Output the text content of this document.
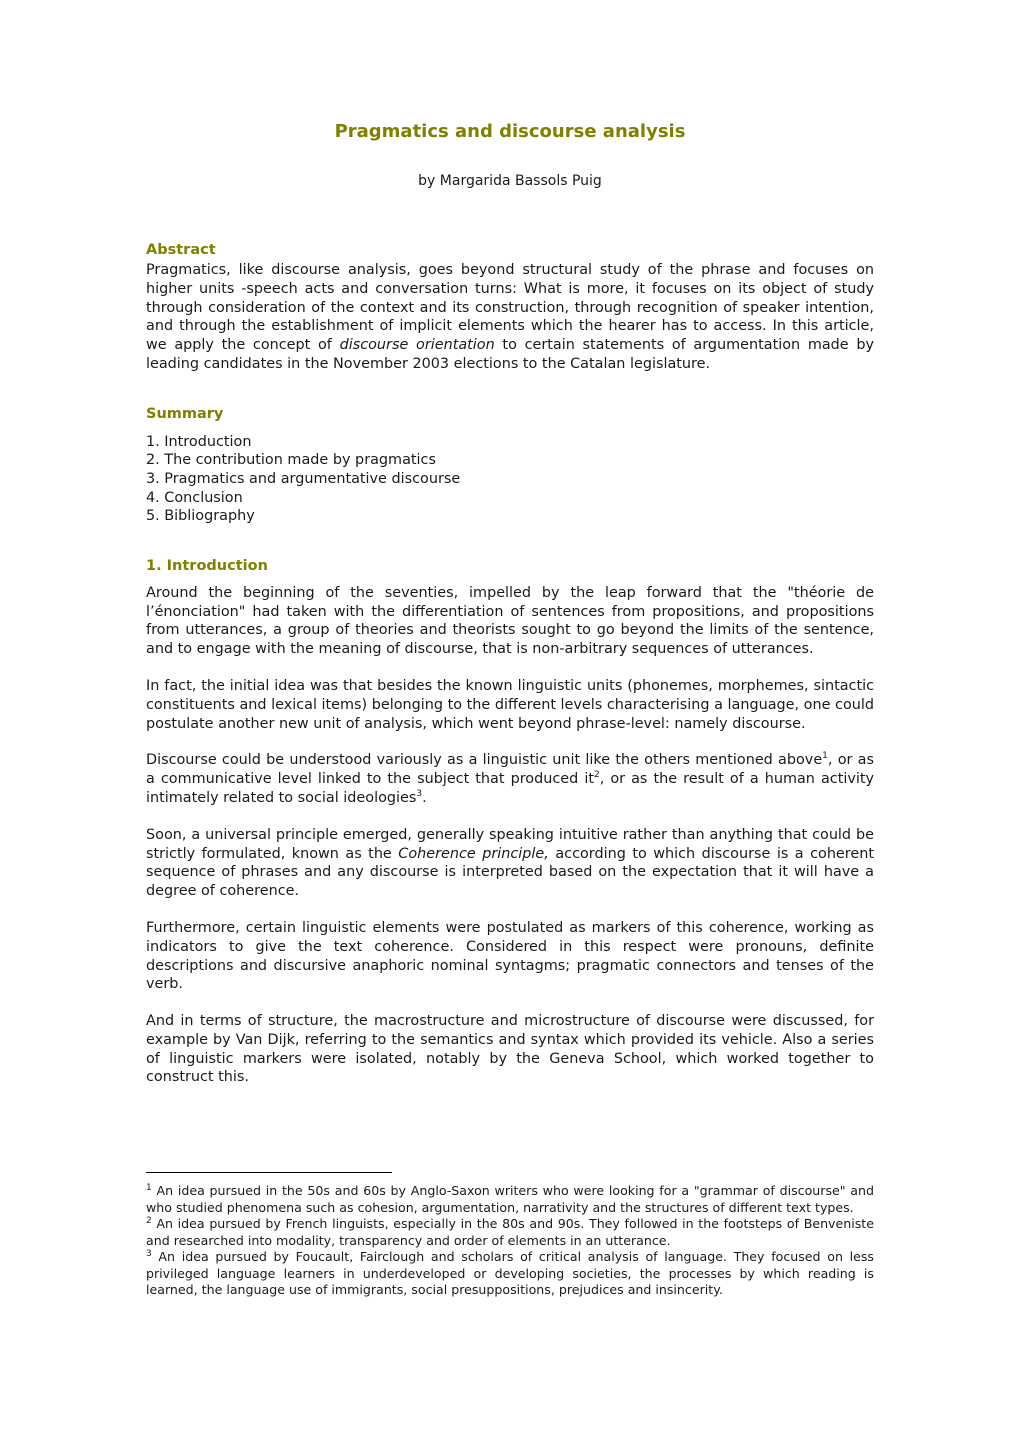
Pragmatics and discourse analysis
by Margarida Bassols Puig
Abstract

Pragmatics, like discourse analysis, goes beyond structural study of the phrase and focuses on higher units -speech acts and conversation turns: What is more, it focuses on its object of study through consideration of the context and its construction, through recognition of speaker intention, and through the establishment of implicit elements which the hearer has to access. In this article, we apply the concept of discourse orientation to certain statements of argumentation made by leading candidates in the November 2003 elections to the Catalan legislature.

Summary
1. Introduction
2. The contribution made by pragmatics
3. Pragmatics and argumentative discourse
4. Conclusion
5. Bibliography
1. Introduction

Around the beginning of the seventies, impelled by the leap forward that the "théorie de l’énonciation" had taken with the differentiation of sentences from propositions, and propositions from utterances, a group of theories and theorists sought to go beyond the limits of the sentence, and to engage with the meaning of discourse, that is non-arbitrary sequences of utterances.

In fact, the initial idea was that besides the known linguistic units (phonemes, morphemes, sintactic constituents and lexical items) belonging to the different levels characterising a language, one could postulate another new unit of analysis, which went beyond phrase-level: namely discourse.

Discourse could be understood variously as a linguistic unit like the others mentioned above$^1$, or as a communicative level linked to the subject that produced $it^2$, or as the result of a human activity intimately related to social ideologies$^3$.

Soon, a universal principle emerged, generally speaking intuitive rather than anything that could be strictly formulated, known as the Coherence principle, according to which discourse is a coherent sequence of phrases and any discourse is interpreted based on the expectation that it will have a degree of coherence.

Furthermore, certain linguistic elements were postulated as markers of this coherence, working as indicators to give the text coherence. Considered in this respect were pronouns, definite descriptions and discursive anaphoric nominal syntagms; pragmatic connectors and tenses of the verb.

And in terms of structure, the macrostructure and microstructure of discourse were discussed, for example by Van Dijk, referring to the semantics and syntax which provided its vehicle. Also a series of linguistic markers were isolated, notably by the Geneva School, which worked together to construct this.

$^1$ An idea pursued in the 50s and 60s by Anglo-Saxon writers who were looking for a "grammar of discourse" and who studied phenomena such as cohesion, argumentation, narrativity and the structures of different text types.

$^2$ An idea pursued by French linguists, especially in the 80s and 90s. They followed in the footsteps of Benveniste and researched into modality, transparency and order of elements in an utterance.

$^3$ An idea pursued by Foucault, Fairclough and scholars of critical analysis of language. They focused on less privileged language learners in underdeveloped or developing societies, the processes by which reading is learned, the language use of immigrants, social presuppositions, prejudices and insincerity.
